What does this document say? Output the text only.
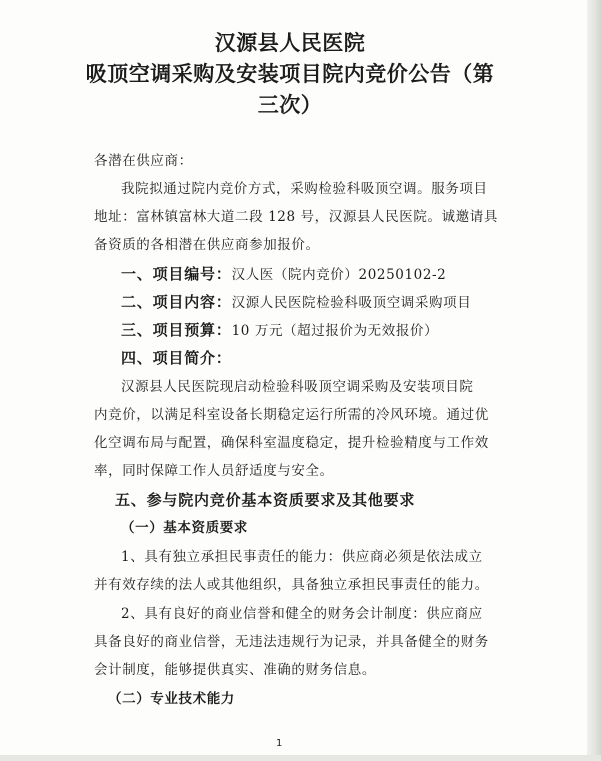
汉源县人民医院
吸顶空调采购及安装项目院内竞价公告（第
三次）

各潜在供应商：

我院拟通过院内竞价方式，采购检验科吸顶空调。服务项目

地址：富林镇富林大道二段 128 号，汉源县人民医院。诚邀请具

备资质的各相潜在供应商参加报价。

一、项目编号：汉人医（院内竞价）20250102-2

二、项目内容：汉源人民医院检验科吸顶空调采购项目

三、项目预算：10 万元（超过报价为无效报价）

四、项目简介：

汉源县人民医院现启动检验科吸顶空调采购及安装项目院

内竞价，以满足科室设备长期稳定运行所需的冷风环境。通过优

化空调布局与配置，确保科室温度稳定，提升检验精度与工作效

率，同时保障工作人员舒适度与安全。

五、参与院内竞价基本资质要求及其他要求

（一）基本资质要求

1、具有独立承担民事责任的能力：供应商必须是依法成立

并有效存续的法人或其他组织，具备独立承担民事责任的能力。

2、具有良好的商业信誉和健全的财务会计制度：供应商应

具备良好的商业信誉，无违法违规行为记录，并具备健全的财务

会计制度，能够提供真实、准确的财务信息。

（二）专业技术能力

1
